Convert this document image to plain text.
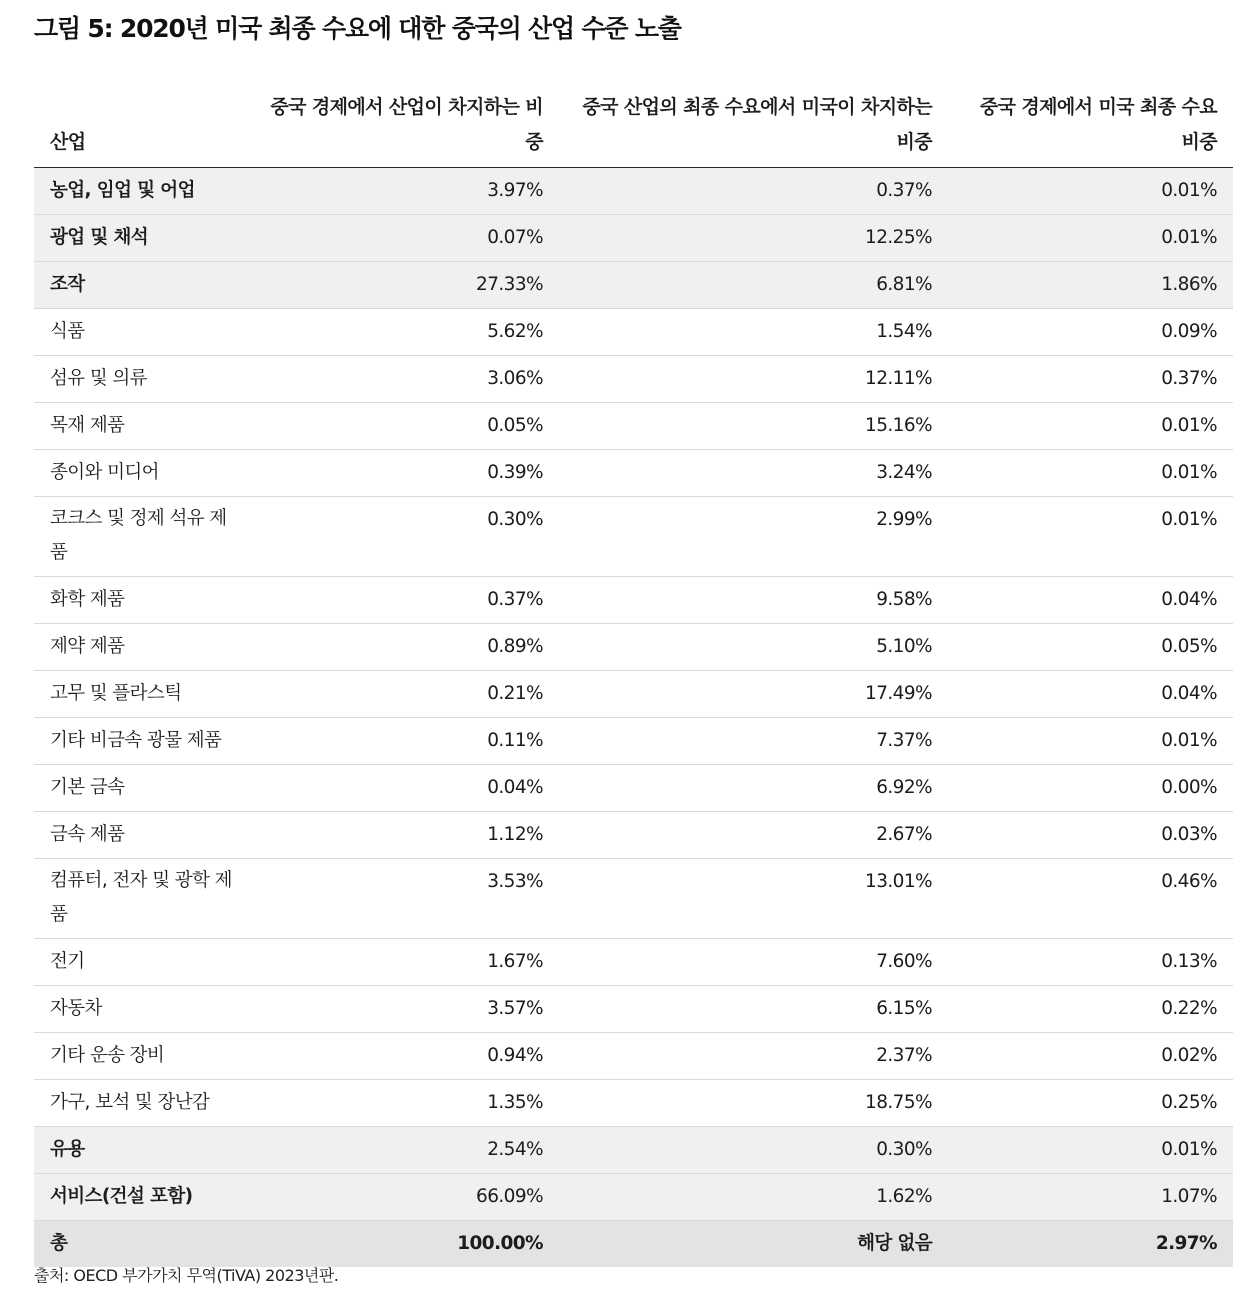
그림 5: 2020년 미국 최종 수요에 대한 중국의 산업 수준 노출
산업	중국 경제에서 산업이 차지하는 비중	중국 산업의 최종 수요에서 미국이 차지하는 비중	중국 경제에서 미국 최종 수요 비중
농업, 임업 및 어업	3.97%	0.37%	0.01%
광업 및 채석	0.07%	12.25%	0.01%
조작	27.33%	6.81%	1.86%
식품	5.62%	1.54%	0.09%
섬유 및 의류	3.06%	12.11%	0.37%
목재 제품	0.05%	15.16%	0.01%
종이와 미디어	0.39%	3.24%	0.01%
코크스 및 정제 석유 제품	0.30%	2.99%	0.01%
화학 제품	0.37%	9.58%	0.04%
제약 제품	0.89%	5.10%	0.05%
고무 및 플라스틱	0.21%	17.49%	0.04%
기타 비금속 광물 제품	0.11%	7.37%	0.01%
기본 금속	0.04%	6.92%	0.00%
금속 제품	1.12%	2.67%	0.03%
컴퓨터, 전자 및 광학 제품	3.53%	13.01%	0.46%
전기	1.67%	7.60%	0.13%
자동차	3.57%	6.15%	0.22%
기타 운송 장비	0.94%	2.37%	0.02%
가구, 보석 및 장난감	1.35%	18.75%	0.25%
유용	2.54%	0.30%	0.01%
서비스(건설 포함)	66.09%	1.62%	1.07%
총	100.00%	해당 없음	2.97%
출처: OECD 부가가치 무역(TiVA) 2023년판.
